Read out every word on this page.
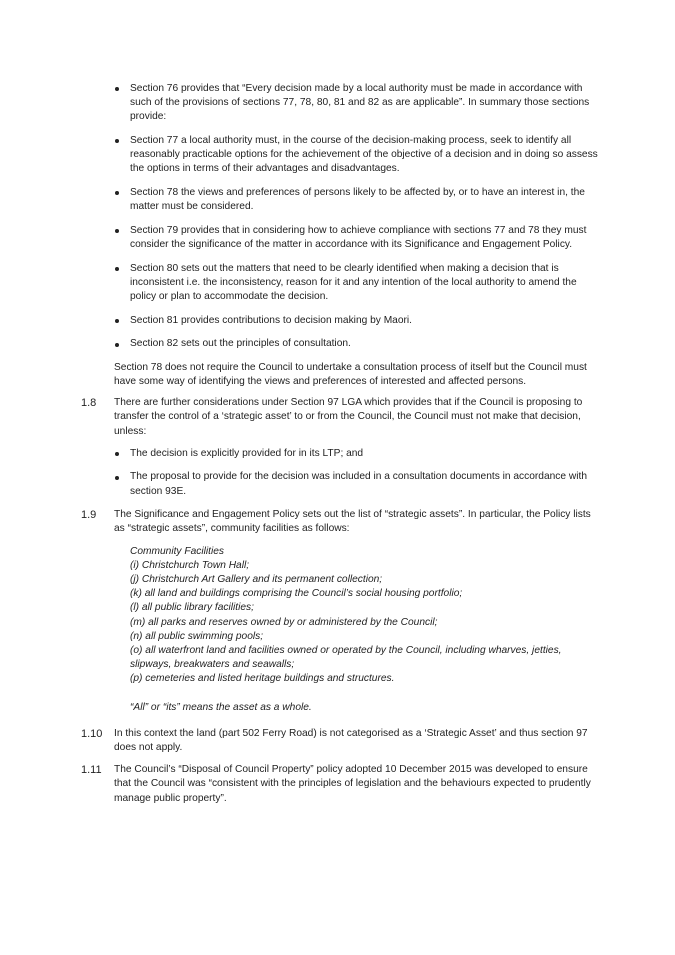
Section 76 provides that “Every decision made by a local authority must be made in accordance with such of the provisions of sections 77, 78, 80, 81 and 82 as are applicable”. In summary those sections provide:
Section 77 a local authority must, in the course of the decision-making process, seek to identify all reasonably practicable options for the achievement of the objective of a decision and in doing so assess the options in terms of their advantages and disadvantages.
Section 78 the views and preferences of persons likely to be affected by, or to have an interest in, the matter must be considered.
Section 79 provides that in considering how to achieve compliance with sections 77 and 78 they must consider the significance of the matter in accordance with its Significance and Engagement Policy.
Section 80 sets out the matters that need to be clearly identified when making a decision that is inconsistent i.e. the inconsistency, reason for it and any intention of the local authority to amend the policy or plan to accommodate the decision.
Section 81 provides contributions to decision making by Maori.
Section 82 sets out the principles of consultation.

Section 78 does not require the Council to undertake a consultation process of itself but the Council must have some way of identifying the views and preferences of interested and affected persons.

1.8 There are further considerations under Section 97 LGA which provides that if the Council is proposing to transfer the control of a ‘strategic asset’ to or from the Council, the Council must not make that decision, unless:

The decision is explicitly provided for in its LTP; and
The proposal to provide for the decision was included in a consultation documents in accordance with section 93E.
1.9 The Significance and Engagement Policy sets out the list of “strategic assets”. In particular, the Policy lists as “strategic assets”, community facilities as follows:

Community Facilities
(i) Christchurch Town Hall;
(j) Christchurch Art Gallery and its permanent collection;
(k) all land and buildings comprising the Council’s social housing portfolio;
(l) all public library facilities;
(m) all parks and reserves owned by or administered by the Council;
(n) all public swimming pools;
(o) all waterfront land and facilities owned or operated by the Council, including wharves, jetties, slipways, breakwaters and seawalls;
(p) cemeteries and listed heritage buildings and structures.
“All” or “its” means the asset as a whole.
1.10 In this context the land (part 502 Ferry Road) is not categorised as a ‘Strategic Asset’ and thus section 97 does not apply.

1.11 The Council’s “Disposal of Council Property” policy adopted 10 December 2015 was developed to ensure that the Council was “consistent with the principles of legislation and the behaviours expected to prudently manage public property”.
